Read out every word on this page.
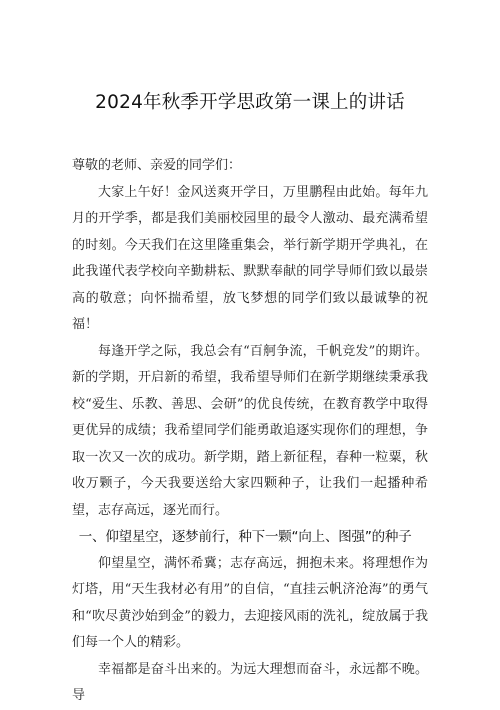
2024年秋季开学思政第一课上的讲话

尊敬的老师、亲爱的同学们：

大家上午好！金风送爽开学日，万里鹏程由此始。每年九月的开学季，都是我们美丽校园里的最令人激动、最充满希望的时刻。今天我们在这里隆重集会，举行新学期开学典礼，在此我谨代表学校向辛勤耕耘、默默奉献的同学导师们致以最崇高的敬意；向怀揣希望，放飞梦想的同学们致以最诚挚的祝福！

每逢开学之际，我总会有“百舸争流，千帆竞发”的期许。新的学期，开启新的希望，我希望导师们在新学期继续秉承我校“爱生、乐教、善思、会研”的优良传统，在教育教学中取得更优异的成绩；我希望同学们能勇敢追逐实现你们的理想，争取一次又一次的成功。新学期，踏上新征程，春种一粒粟，秋收万颗子，今天我要送给大家四颗种子，让我们一起播种希望，志存高远，逐光而行。

一、仰望星空，逐梦前行，种下一颗“向上、图强”的种子

仰望星空，满怀希冀；志存高远，拥抱未来。将理想作为灯塔，用“天生我材必有用”的自信，“直挂云帆济沧海”的勇气和“吹尽黄沙始到金”的毅力，去迎接风雨的洗礼，绽放属于我们每一个人的精彩。

幸福都是奋斗出来的。为远大理想而奋斗，永远都不晚。导
